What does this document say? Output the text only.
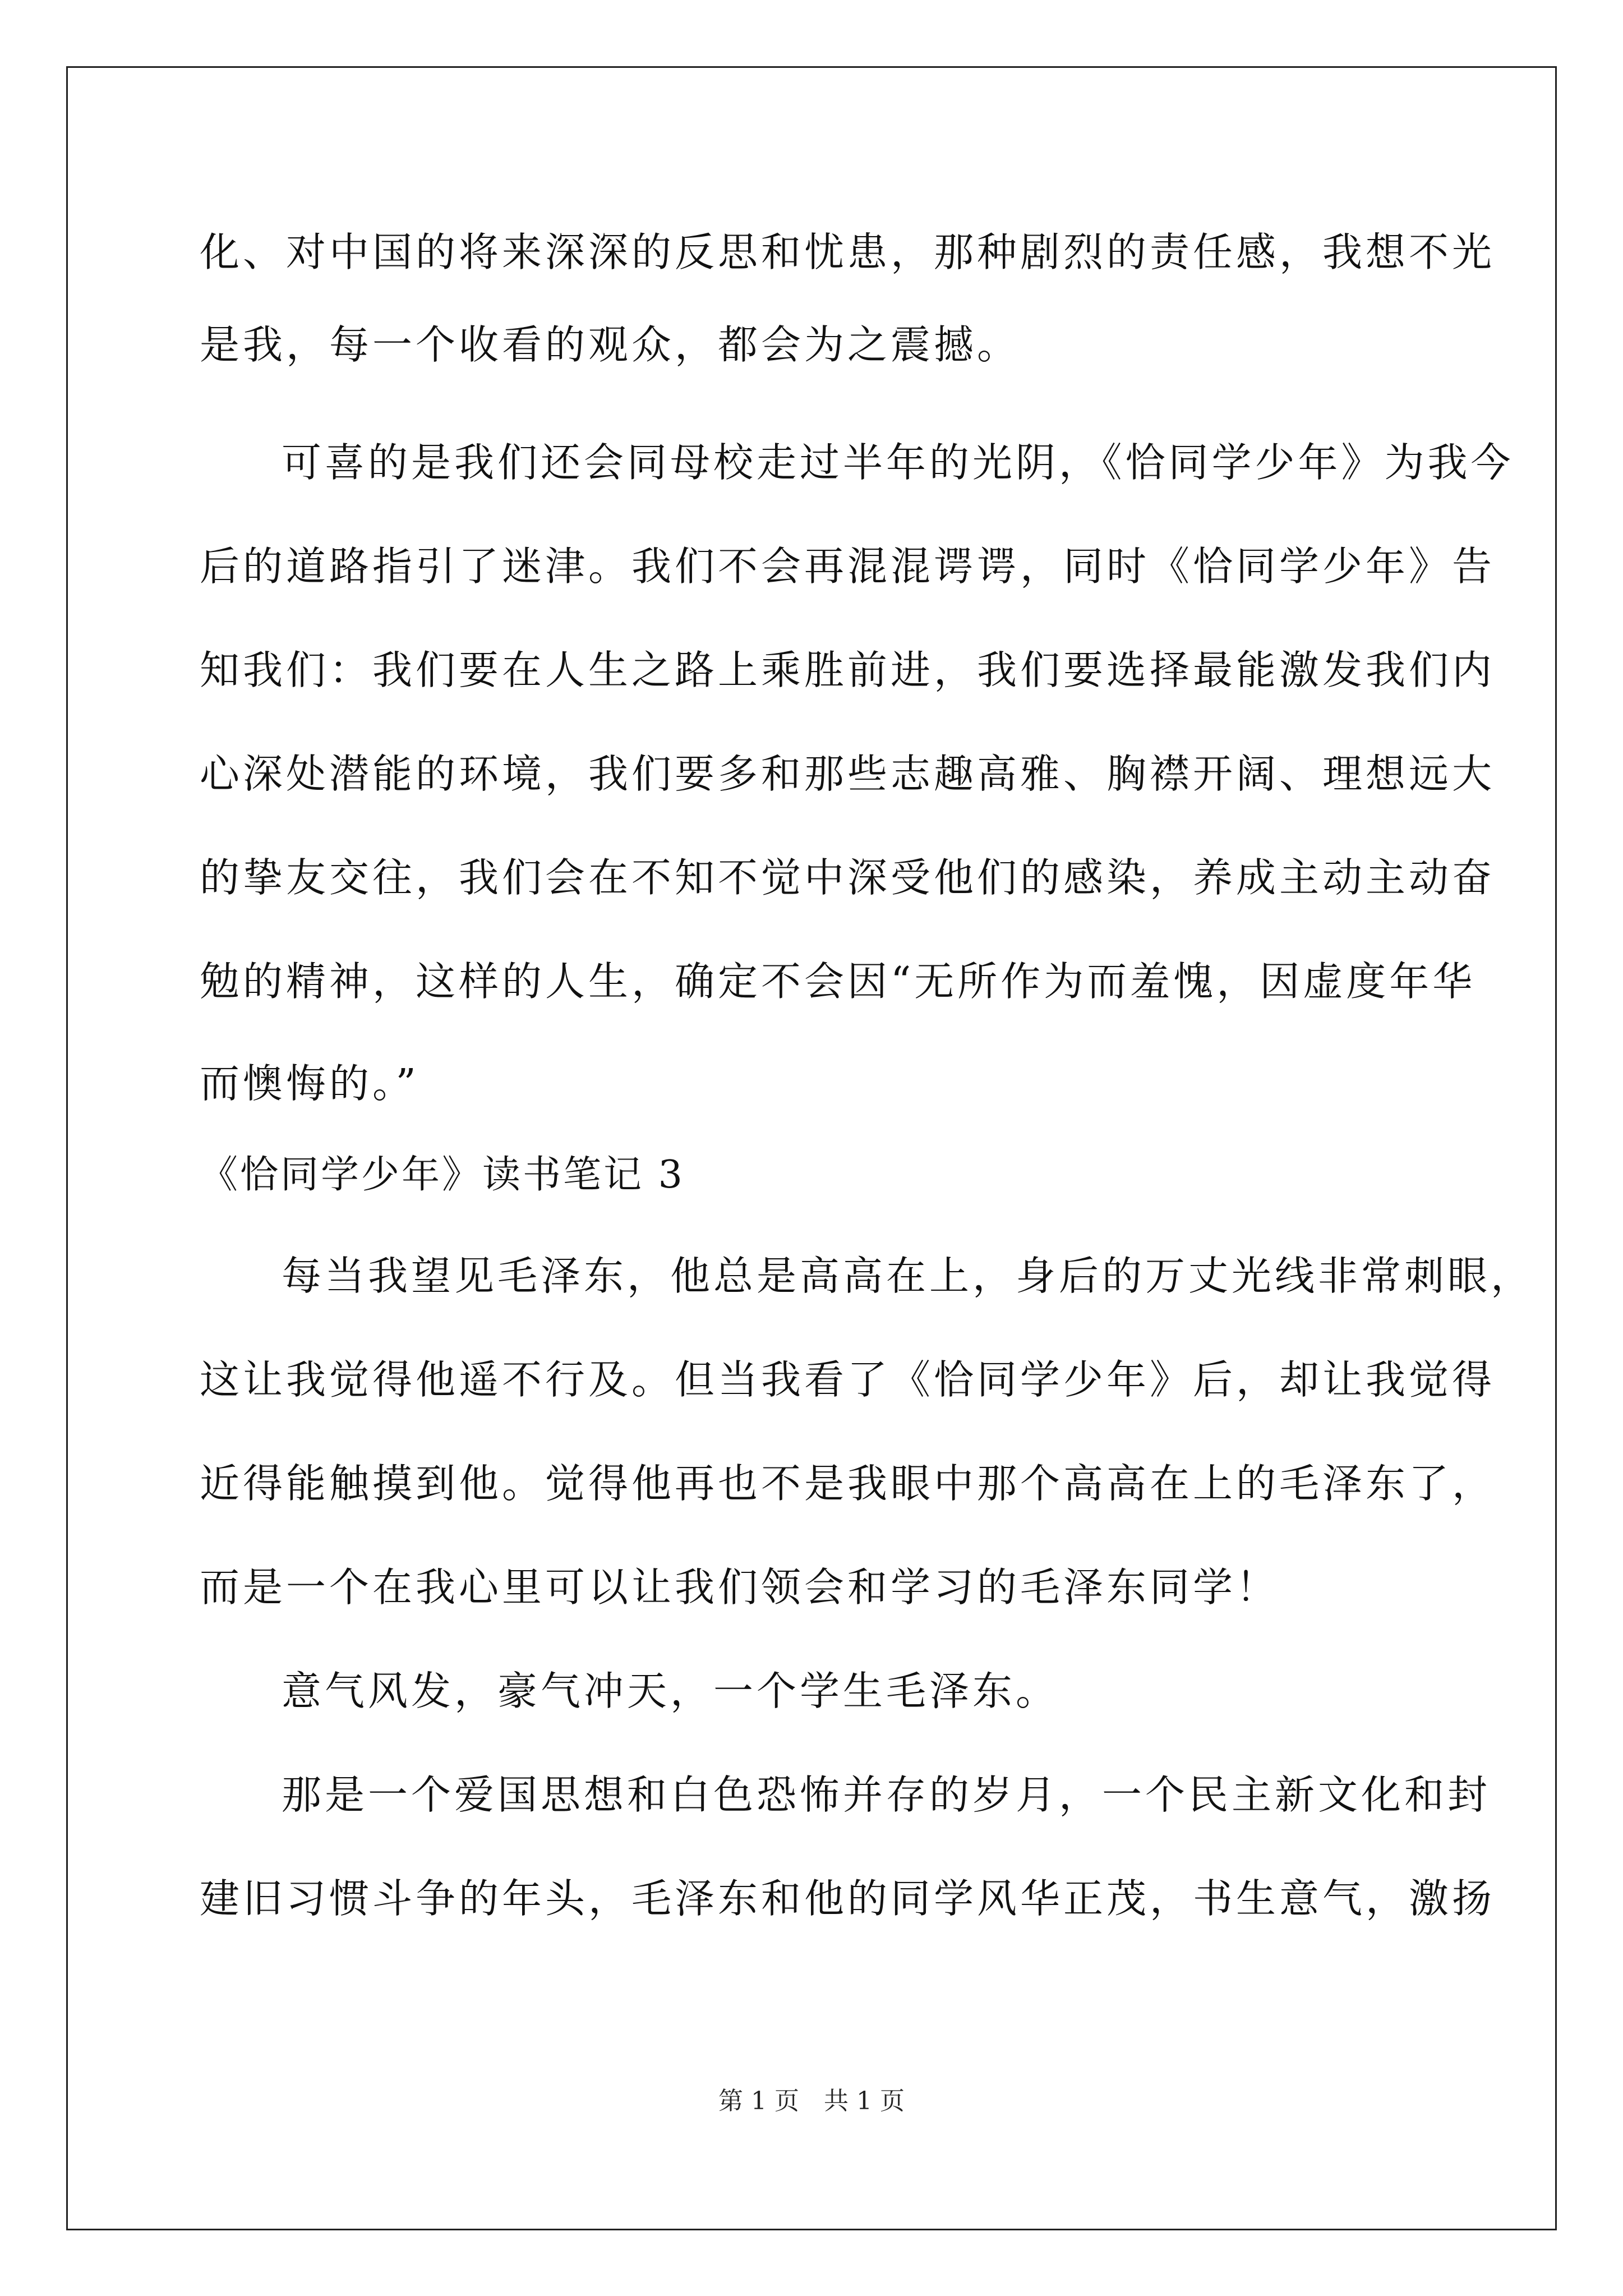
化、对中国的将来深深的反思和忧患，那种剧烈的责任感，我想不光

是我，每一个收看的观众，都会为之震撼。

可喜的是我们还会同母校走过半年的光阴，《恰同学少年》为我今

后的道路指引了迷津。我们不会再混混谔谔，同时《恰同学少年》告

知我们：我们要在人生之路上乘胜前进，我们要选择最能激发我们内

心深处潜能的环境，我们要多和那些志趣高雅、胸襟开阔、理想远大

的挚友交往，我们会在不知不觉中深受他们的感染，养成主动主动奋

勉的精神，这样的人生，确定不会因“无所作为而羞愧，因虚度年华

而懊悔的。”

《恰同学少年》读书笔记 3

每当我望见毛泽东，他总是高高在上，身后的万丈光线非常刺眼，

这让我觉得他遥不行及。但当我看了《恰同学少年》后，却让我觉得

近得能触摸到他。觉得他再也不是我眼中那个高高在上的毛泽东了，

而是一个在我心里可以让我们领会和学习的毛泽东同学！

意气风发，豪气冲天，一个学生毛泽东。

那是一个爱国思想和白色恐怖并存的岁月，一个民主新文化和封

建旧习惯斗争的年头，毛泽东和他的同学风华正茂，书生意气，激扬

第 1 页　共 1 页
